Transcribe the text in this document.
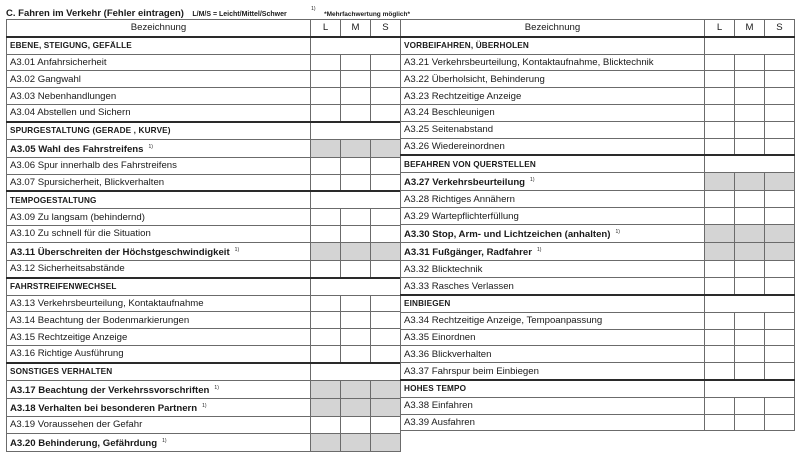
C. Fahren im Verkehr (Fehler eintragen) L/M/S = Leicht/Mittel/Schwer $^{1)}$ *Mehrfachwertung möglich*
Bezeichnung	L	M	S
EBENE, STEIGUNG, GEFÄLLE			
A3.01 Anfahrsicherheit			
A3.02 Gangwahl			
A3.03 Nebenhandlungen			
A3.04 Abstellen und Sichern			
SPURGESTALTUNG (GERADE , KURVE)			
A3.05 Wahl des Fahrstreifens $^{1)}$			
A3.06 Spur innerhalb des Fahrstreifens			
A3.07 Spursicherheit, Blickverhalten			
TEMPOGESTALTUNG			
A3.09 Zu langsam (behindernd)			
A3.10 Zu schnell für die Situation			
A3.11 Überschreiten der Höchstgeschwindigkeit $^{1)}$			
A3.12 Sicherheitsabstände			
FAHRSTREIFENWECHSEL			
A3.13 Verkehrsbeurteilung, Kontaktaufnahme			
A3.14 Beachtung der Bodenmarkierungen			
A3.15 Rechtzeitige Anzeige			
A3.16 Richtige Ausführung			
SONSTIGES VERHALTEN			
A3.17 Beachtung der Verkehrssvorschriften $^{1)}$			
A3.18 Verhalten bei besonderen Partnern $^{1)}$			
A3.19 Voraussehen der Gefahr			
A3.20 Behinderung, Gefährdung $^{1)}$			
Bezeichnung	L	M	S
VORBEIFAHREN, ÜBERHOLEN			
A3.21 Verkehrsbeurteilung, Kontaktaufnahme, Blicktechnik			
A3.22 Überholsicht, Behinderung			
A3.23 Rechtzeitige Anzeige			
A3.24 Beschleunigen			
A3.25 Seitenabstand			
A3.26 Wiedereinordnen			
BEFAHREN VON QUERSTELLEN			
A3.27 Verkehrsbeurteilung $^{1)}$			
A3.28 Richtiges Annähern			
A3.29 Wartepflichterfüllung			
A3.30 Stop, Arm- und Lichtzeichen (anhalten) $^{1)}$			
A3.31 Fußgänger, Radfahrer $^{1)}$			
A3.32 Blicktechnik			
A3.33 Rasches Verlassen			
EINBIEGEN			
A3.34 Rechtzeitige Anzeige, Tempoanpassung			
A3.35 Einordnen			
A3.36 Blickverhalten			
A3.37 Fahrspur beim Einbiegen			
HOHES TEMPO			
A3.38 Einfahren			
A3.39 Ausfahren			
